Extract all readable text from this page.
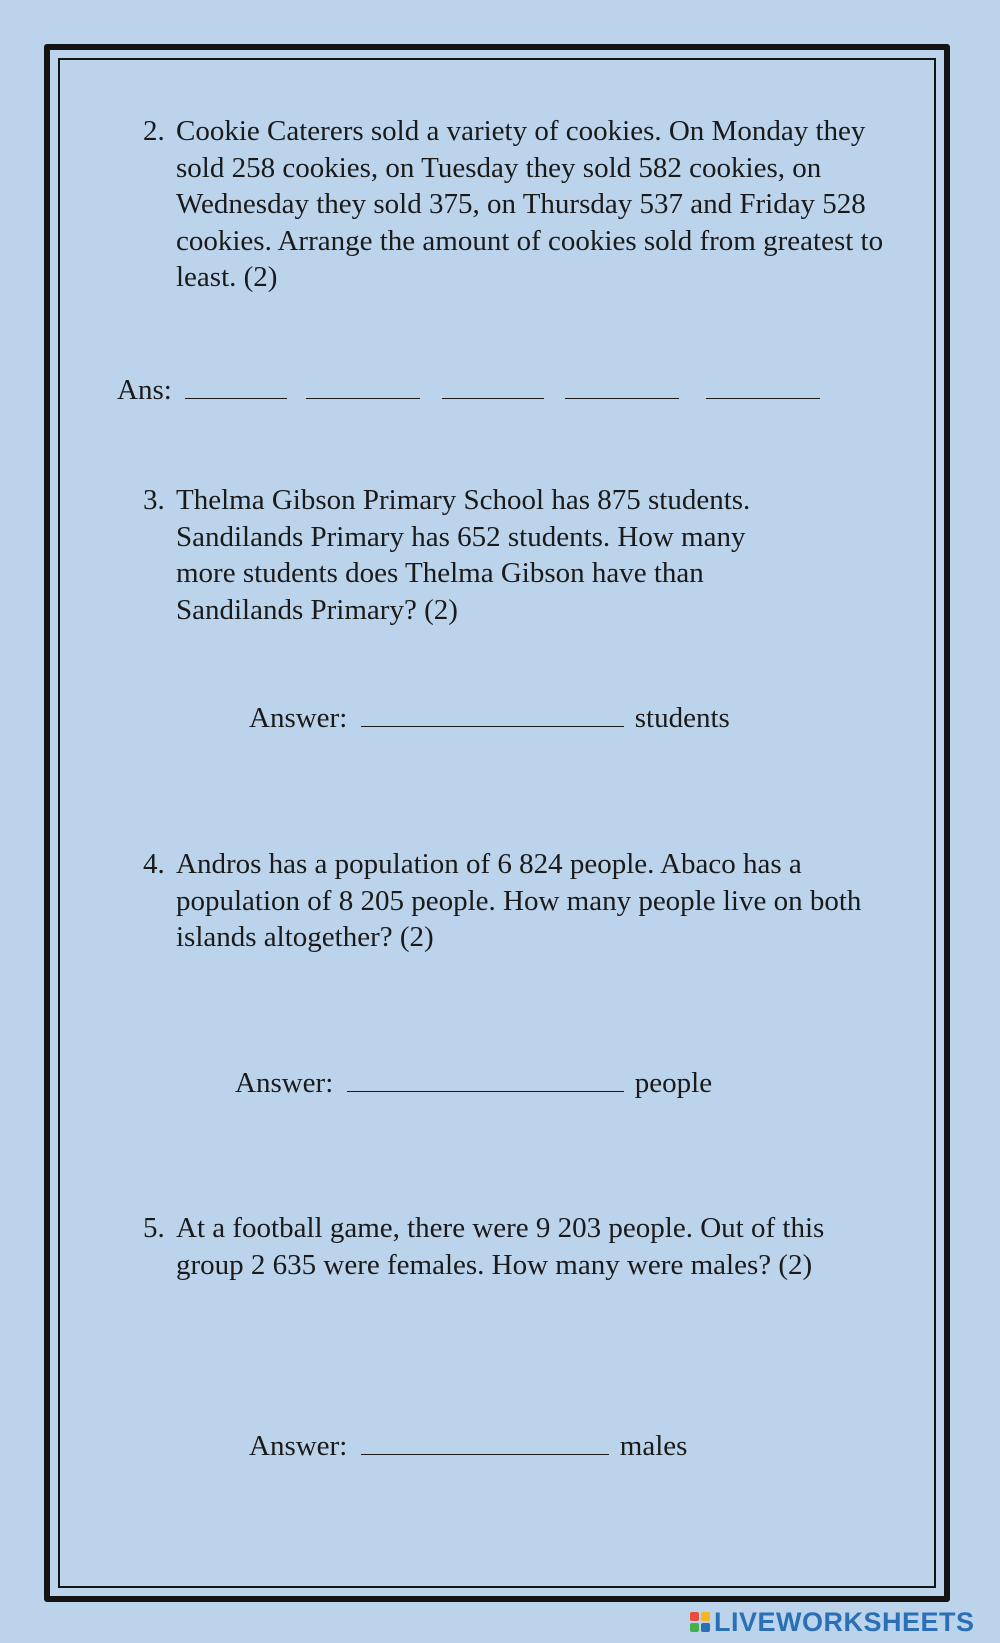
2. Cookie Caterers sold a variety of cookies. On Monday they sold 258 cookies, on Tuesday they sold 582 cookies, on Wednesday they sold 375, on Thursday 537 and Friday 528 cookies. Arrange the amount of cookies sold from greatest to least. (2)
Ans:
3. Thelma Gibson Primary School has 875 students. Sandilands Primary has 652 students. How many more students does Thelma Gibson have than Sandilands Primary? (2)
Answer:	students
4. Andros has a population of 6 824 people. Abaco has a population of 8 205 people. How many people live on both islands altogether? (2)
Answer:	people
5. At a football game, there were 9 203 people. Out of this group 2 635 were females. How many were males? (2)
Answer:	males
LIVEWORKSHEETS
